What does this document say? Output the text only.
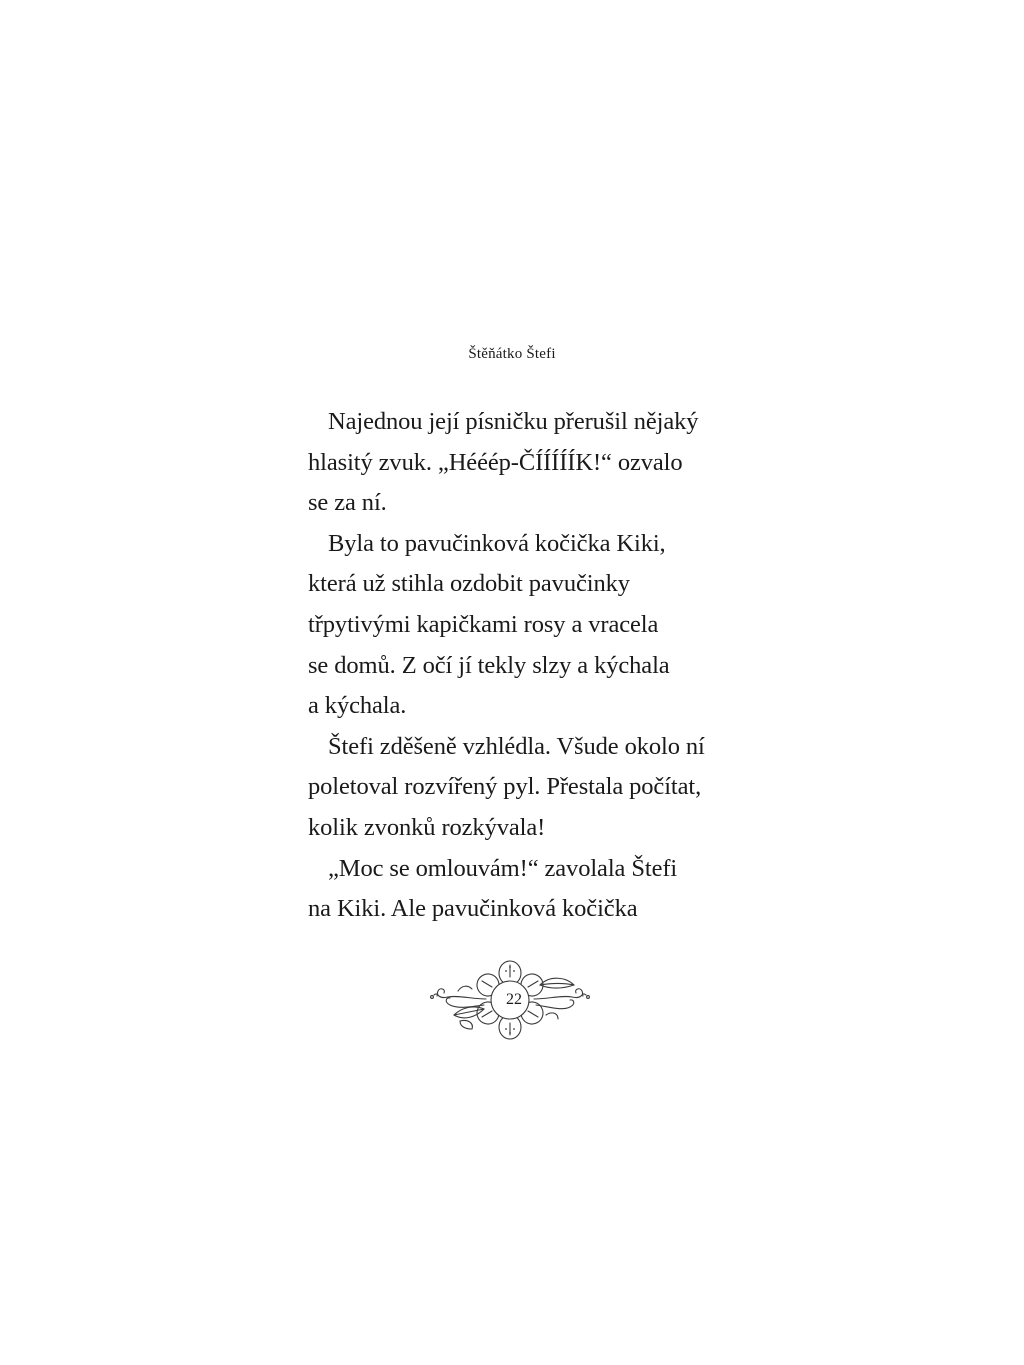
Štěňátko Štefi
Najednou její písničku přerušil nějaký
hlasitý zvuk. „Hééép-ČÍÍÍÍÍK!“ ozvalo
se za ní.
Byla to pavučinková kočička Kiki,
která už stihla ozdobit pavučinky
třpytivými kapičkami rosy a vracela
se domů. Z očí jí tekly slzy a kýchala
a kýchala.
Štefi zděšeně vzhlédla. Všude okolo ní
poletoval rozvířený pyl. Přestala počítat,
kolik zvonků rozkývala!
„Moc se omlouvám!“ zavolala Štefi
na Kiki. Ale pavučinková kočička
22
